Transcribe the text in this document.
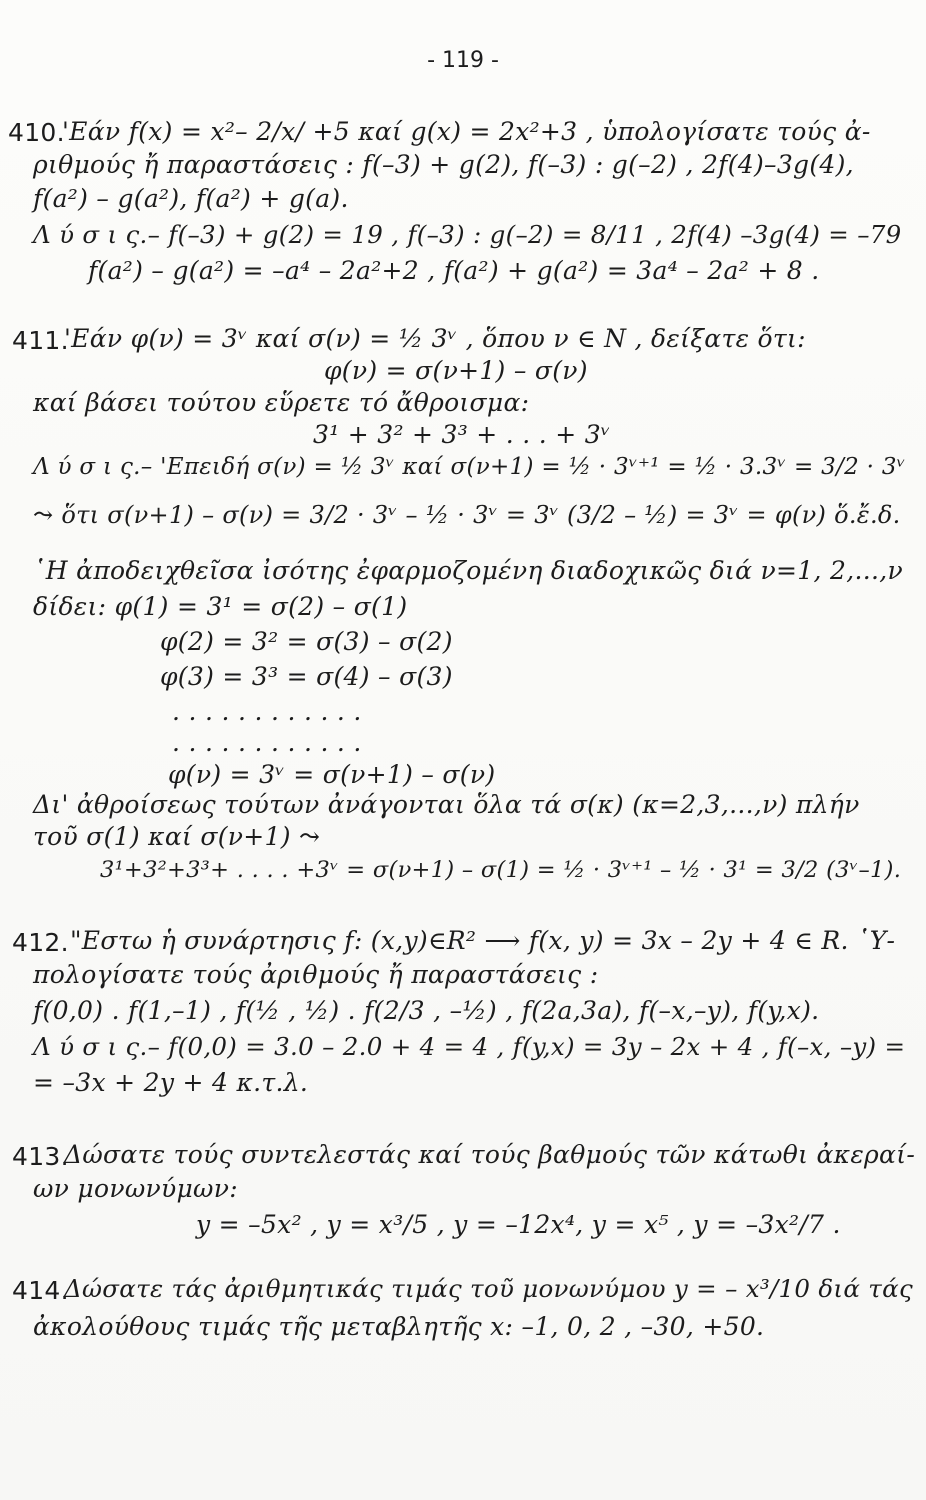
- 119 -
410.
'Εάν f(x) = x²– 2/x/ +5 καί g(x) = 2x²+3 , ὑπολογίσατε τούς ἀ-
ριθμούς ἤ παραστάσεις : f(–3) + g(2), f(–3) : g(–2) , 2f(4)–3g(4),
f(a²) – g(a²), f(a²) + g(a).
Λ ύ σ ι ς.– f(–3) + g(2) = 19 , f(–3) : g(–2) = 8/11 , 2f(4) –3g(4) = –79
f(a²) – g(a²) = –a⁴ – 2a²+2 , f(a²) + g(a²) = 3a⁴ – 2a² + 8 .
411.
'Εάν φ(ν) = 3ᵛ καί σ(ν) = ½ 3ᵛ , ὅπου ν ∈ N , δείξατε ὅτι:
φ(ν) = σ(ν+1) – σ(ν)
καί βάσει τούτου εὕρετε τό ἄθροισμα:
3¹ + 3² + 3³ + . . . + 3ᵛ
Λ ύ σ ι ς.– 'Επειδή σ(ν) = ½ 3ᵛ καί σ(ν+1) = ½ · 3ᵛ⁺¹ = ½ · 3.3ᵛ = 3/2 · 3ᵛ
⤳ ὅτι σ(ν+1) – σ(ν) = 3/2 · 3ᵛ – ½ · 3ᵛ = 3ᵛ (3/2 – ½) = 3ᵛ = φ(ν) ὅ.ἔ.δ.
῾Η ἀποδειχθεῖσα ἰσότης ἐφαρμοζομένη διαδοχικῶς διά ν=1, 2,...,ν
δίδει: φ(1) = 3¹ = σ(2) – σ(1)
φ(2) = 3² = σ(3) – σ(2)
φ(3) = 3³ = σ(4) – σ(3)
. . . . . . . . . . . .
. . . . . . . . . . . .
φ(ν) = 3ᵛ = σ(ν+1) – σ(ν)
Δι' ἀθροίσεως τούτων ἀνάγονται ὅλα τά σ(κ) (κ=2,3,...,ν) πλήν
τοῦ σ(1) καί σ(ν+1) ⤳
3¹+3²+3³+ . . . . +3ᵛ = σ(ν+1) – σ(1) = ½ · 3ᵛ⁺¹ – ½ · 3¹ = 3/2 (3ᵛ–1).
412. "Εστω ἡ συνάρτησις f: (x,y)∈R² ⟶ f(x, y) = 3x – 2y + 4 ∈ R. ῾Υ-
πολογίσατε τούς ἀριθμούς ἤ παραστάσεις :
f(0,0) . f(1,–1) , f(½ , ½) . f(2/3 , –½) , f(2a,3a), f(–x,–y), f(y,x).
Λ ύ σ ι ς.– f(0,0) = 3.0 – 2.0 + 4 = 4 , f(y,x) = 3y – 2x + 4 , f(–x, –y) =
= –3x + 2y + 4 κ.τ.λ.
413.
Δώσατε τούς συντελεστάς καί τούς βαθμούς τῶν κάτωθι ἀκεραί-
ων μονωνύμων:
y = –5x² , y = x³/5 , y = –12x⁴, y = x⁵ , y = –3x²/7 .
414.
Δώσατε τάς ἀριθμητικάς τιμάς τοῦ μονωνύμου y = – x³/10 διά τάς
ἀκολούθους τιμάς τῆς μεταβλητῆς x: –1, 0, 2 , –30, +50.
